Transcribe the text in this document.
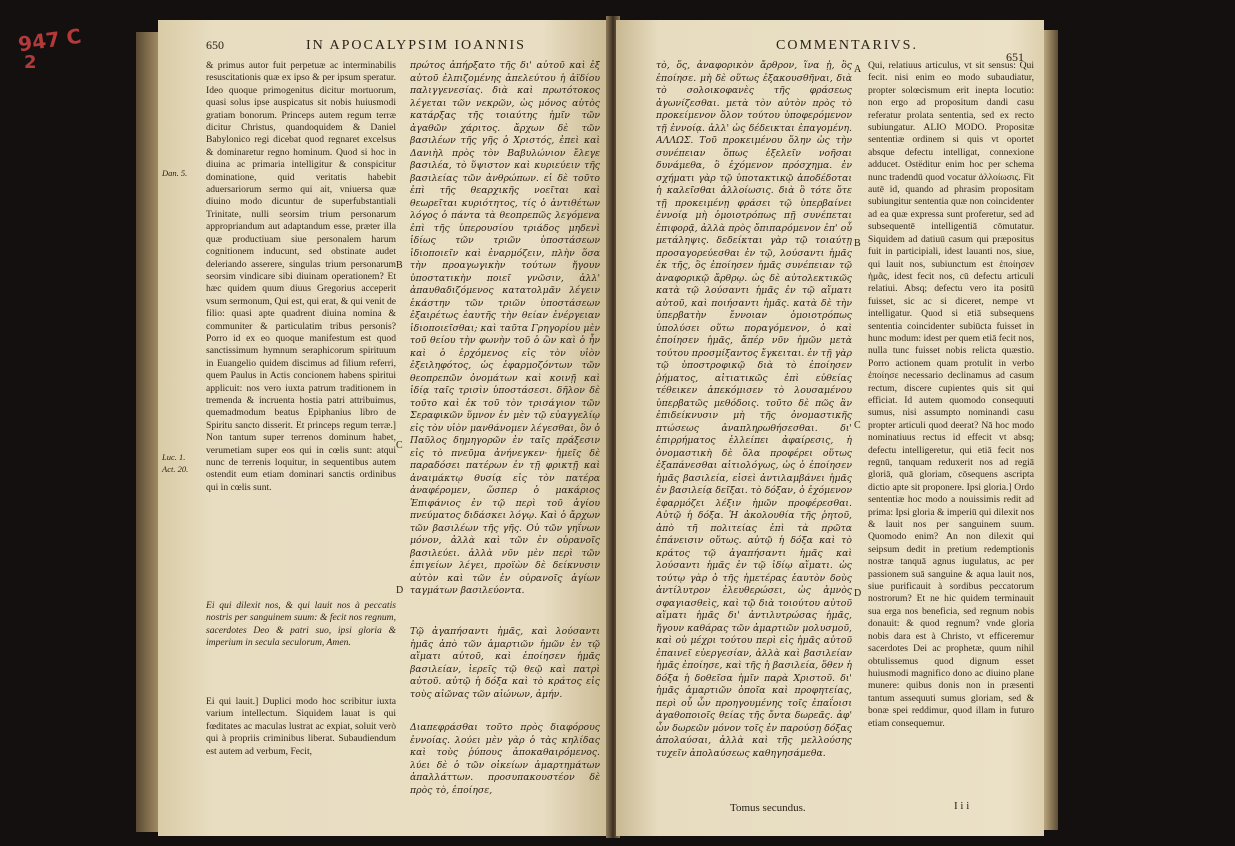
650	IN APOCALYPSIM IOANNIS
Dan. 5.
Luc. 1.
Act. 20.

& primus autor fuit perpetuæ ac interminabilis resuscitationis quæ ex ipso & per ipsum speratur. Ideo quoque primogenitus dicitur mortuorum, quasi solus ipse auspicatus sit nobis huiusmodi gratiam bonorum. Princeps autem regum terræ dicitur Christus, quandoquidem & Daniel Babylonico regi dicebat quod regnaret excelsus & dominaretur regno hominum. Quod si hoc in diuina ac primaria intelligitur & conspicitur dominatione, quid veritatis habebit aduersariorum sermo qui ait, vniuersa quæ diuino modo dicuntur de superfubstantiali Trinitate, nulli seorsim trium personarum appropriandum aut adaptandum esse, præter illa quæ productiuam siue personalem harum cognitionem inducunt, sed obstinate audet deleriando asserere, singulas trium personarum seorsim vindicare sibi diuinam operationem? Et hæc quidem quum diuus Gregorius acceperit vsum sermonum, Qui est, qui erat, & qui venit de filio: quasi apte quadrent diuina nomina & communiter & particulatim tribus personis? Porro id ex eo quoque manifestum est quod sanctissimum hymnum seraphicorum spirituum in Euangelio quidem discimus ad filium referri, quem Paulus in Actis concionem habens spiritui applicuit: nos vero iuxta patrum traditionem in tremenda & incruenta hostia patri attribuimus, quemadmodum beatus Epiphanius libro de Spiritu sancto disserit. Et princeps regum terræ.] Non tantum super terrenos dominum habet, verumetiam super eos qui in cœlis sunt: atqui nunc de terrenis loquitur, in sequentibus autem ostendit eum etiam dominari sanctis ordinibus qui in cœlis sunt.

Ei qui dilexit nos, & qui lauit nos à peccatis nostris per sanguinem suum: & fecit nos regnum, sacerdotes Deo & patri suo, ipsi gloria & imperium in secula seculorum, Amen.

Ei qui lauit.] Duplici modo hoc scribitur iuxta varium intellectum. Siquidem lauat is qui fœditates ac maculas lustrat ac expiat, soluit verò qui à propriis criminibus liberat. Subaudiendum est autem ad verbum, Fecit,

B
C
D

πρώτος ἀπήρξατο τῆς δι' αὐτοῦ καὶ ἐξ αὐτοῦ ἐλπιζομένης ἀπελεύτου ἡ ἀϊδίου παλιγγενεσίας. διὰ καὶ πρωτότοκος λέγεται τῶν νεκρῶν, ὡς μόνος αὐτὸς κατάρξας τῆς τοιαύτης ἡμῖν τῶν ἀγαθῶν χάριτος. ἄρχων δὲ τῶν βασιλέων τῆς γῆς ὁ Χριστός, ἐπεὶ καὶ Δανιὴλ πρὸς τὸν Βαβυλώνιον ἔλεγε βασιλέα, τὸ ὕψιστον καὶ κυριεύειν τῆς βασιλείας τῶν ἀνθρώπων. εἰ δὲ τοῦτο ἐπὶ τῆς θεαρχικῆς νοεῖται καὶ θεωρεῖται κυριότητος, τίς ὁ ἀντιθέτων λόγος ὁ πάντα τὰ θεοπρεπῶς λεγόμενα ἐπὶ τῆς ὑπερουσίου τριάδος μηδενὶ ἰδίως τῶν τριῶν ὑποστάσεων ἰδιοποιεῖν καὶ ἐναρμόζειν, πλὴν ὅσα τὴν προαγωγικὴν τούτων ἤγουν ὑποστατικὴν ποιεῖ γνῶσιν, ἀλλ' ἀπαυθαδιζόμενος κατατολμᾶν λέγειν ἑκάστην τῶν τριῶν ὑποστάσεων ἐξαιρέτως ἑαυτῆς τὴν θείαν ἐνέργειαν ἰδιοποιεῖσθαι; καὶ ταῦτα Γρηγορίου μὲν τοῦ θείου τὴν φωνὴν τοῦ ὁ ὢν καὶ ὁ ἦν καὶ ὁ ἐρχόμενος εἰς τὸν υἱὸν ἐξειληφότος, ὡς ἐφαρμοζόντων τῶν θεοπρεπῶν ὀνομάτων καὶ κοινῇ καὶ ἰδίᾳ ταῖς τρισὶν ὑποστάσεσι. δῆλον δὲ τοῦτο καὶ ἐκ τοῦ τὸν τρισάγιον τῶν Σεραφικῶν ὕμνον ἐν μὲν τῷ εὐαγγελίῳ εἰς τὸν υἱὸν μανθάνομεν λέγεσθαι, ὃν ὁ Παῦλος δημηγορῶν ἐν ταῖς πράξεσιν εἰς τὸ πνεῦμα ἀνήνεγκεν· ἡμεῖς δὲ παραδόσει πατέρων ἐν τῇ φρικτῇ καὶ ἀναιμάκτῳ θυσίᾳ εἰς τὸν πατέρα ἀναφέρομεν, ὥσπερ ὁ μακάριος Ἐπιφάνιος ἐν τῷ περὶ τοῦ ἁγίου πνεύματος διδάσκει λόγῳ. Καὶ ὁ ἄρχων τῶν βασιλέων τῆς γῆς. Οὐ τῶν γηΐνων μόνον, ἀλλὰ καὶ τῶν ἐν οὐρανοῖς βασιλεύει. ἀλλὰ νῦν μὲν περὶ τῶν ἐπιγείων λέγει, προϊὼν δὲ δείκνυσιν αὐτὸν καὶ τῶν ἐν οὐρανοῖς ἁγίων ταγμάτων βασιλεύοντα.

Τῷ ἀγαπήσαντι ἡμᾶς, καὶ λούσαντι ἡμᾶς ἀπὸ τῶν ἁμαρτιῶν ἡμῶν ἐν τῷ αἵματι αὐτοῦ, καὶ ἐποίησεν ἡμᾶς βασιλείαν, ἱερεῖς τῷ θεῷ καὶ πατρὶ αὐτοῦ. αὐτῷ ἡ δόξα καὶ τὸ κράτος εἰς τοὺς αἰῶνας τῶν αἰώνων, ἀμήν.

Διαπεφράσθαι τοῦτο πρὸς διαφόρους ἐννοίας. λούει μὲν γὰρ ὁ τὰς κηλίδας καὶ τοὺς ῥύπους ἀποκαθαιρόμενος. λύει δὲ ὁ τῶν οἰκείων ἁμαρτημάτων ἀπαλλάττων. προσυπακουστέον δὲ πρὸς τὸ, ἐποίησε,

COMMENTARIVS.
651

τὸ, ὅς, ἀναφορικὸν ἄρθρον, ἵνα ᾖ, ὃς ἐποίησε. μὴ δὲ οὕτως ἐξακουσθῆναι, διὰ τὸ σολοικοφανὲς τῆς φράσεως ἀγωνίζεσθαι. μετὰ τὸν αὐτὸν πρὸς τὸ προκείμενον ὅλον τούτου ὑποφερόμενον τῇ ἐννοίᾳ. ἀλλ' ὡς δέδεικται ἐπαγομένη. ΑΛΛΩΣ. Τοῦ προκειμένου ὅλην ὡς τὴν συνέπειαν ὅπως ἐξελεῖν νοῆσαι δυνάμεθα, ὃ ἐχόμενον πρόσχημα. ἐν σχήματι γὰρ τῷ ὑποτακτικῷ ἀποδέδοται ἡ καλεῖσθαι ἀλλοίωσις. διὰ ὃ τότε ὅτε τῇ προκειμένῃ φράσει τῷ ὑπερβαίνει ἐννοίᾳ μὴ ὁμοιοτρόπως πῇ συνέπεται ἐπιφορᾷ, ἀλλὰ πρὸς ὄπιπαρόμενον ἐπ' οὗ μετάληψις. δεδείκται γὰρ τῷ τοιαύτῃ προσαγορεύεσθαι ἐν τῷ, λούσαντι ἡμᾶς ἐκ τῆς, ὃς ἐποίησεν ἡμᾶς συνέπειαν τῷ ἀναφορικῷ ἄρθρῳ. ὡς δὲ αὐτολεκτικῶς κατὰ τῷ λούσαντι ἡμᾶς ἐν τῷ αἵματι αὐτοῦ, καὶ ποιήσαντι ἡμᾶς. κατὰ δὲ τὴν ὑπερβατὴν ἔννοιαν ὁμοιοτρόπως ὑπολύσει οὕτω ποραγόμενον, ὁ καὶ ἐποίησεν ἡμᾶς, ἄπέρ νῦν ἡμῶν μετὰ τούτου προσμίξαντος ἔγκειται. ἐν τῇ γὰρ τῷ ὑποστροφικῷ διὰ τὸ ἐποίησεν ῥήματος, αἰτιατικῶς ἐπὶ εὐθείας τέθεικεν ἀπεκόμισεν τὸ λουσαμένου ὑπερβατῶς μεθόδοις. τοῦτο δὲ πῶς ἂν ἐπιδείκνυσιν μὴ τῆς ὀνομαστικῆς πτώσεως ἀναπληρωθήσεσθαι. δι' ἐπιρρήματος ἐλλείπει ἀφαίρεσις, ἡ ὀνομαστικὴ δὲ ὅλα προφέρει οὕτως ἐξαπάνεσθαι αἰτιολόγως, ὡς ὁ ἐποίησεν ἡμᾶς βασιλεία, εἰσεὶ ἀντιλαμβάνει ἡμᾶς ἐν βασιλείᾳ δεῖξαι. τὸ δόξαν, ὁ ἐχόμενον ἐφαρμόζει λέξιν ἡμῶν προφέρεσθαι. Αὐτῷ ἡ δόξα. Ἡ ἀκολουθία τῆς ῥητοῦ, ἀπὸ τῆ πολιτείας ἐπὶ τὰ πρῶτα ἐπάνεισιν οὕτως. αὐτῷ ἡ δόξα καὶ τὸ κράτος τῷ ἀγαπήσαντι ἡμᾶς καὶ λούσαντι ἡμᾶς ἐν τῷ ἰδίῳ αἵματι. ὡς τούτῳ γὰρ ὁ τῆς ἡμετέρας ἑαυτὸν δοὺς ἀντίλυτρον ἐλευθερώσει, ὡς ἀμνὸς σφαγιασθεὶς, καὶ τῷ διὰ τοιούτου αὐτοῦ αἵματι ἡμᾶς δι' ἀντιλυτρώσας ἡμᾶς, ἤγουν καθάρας τῶν ἁμαρτιῶν μολυσμοῦ, καὶ οὐ μέχρι τούτου περὶ εἰς ἡμᾶς αὐτοῦ ἐπαινεῖ εὐεργεσίαν, ἀλλὰ καὶ βασιλείαν ἡμᾶς ἐποίησε, καὶ τῆς ἡ βασιλεία, ὅθεν ἡ δόξα ἡ δοθεῖσα ἡμῖν παρὰ Χριστοῦ. δι' ἡμᾶς ἁμαρτιῶν ὁποῖα καὶ προφητείας, περὶ οὗ ὧν προηγουμένης τοῖς ἐπαΐοισι ἀγαθοποιοῖς θείας τῆς ὄντα δωρεᾶς. ἀφ' ὧν δωρεῶν μόνον τοῖς ἐν παρούσῃ δόξας ἀπολαύσαι, ἀλλὰ καὶ τῆς μελλούσης τυχεῖν ἀπολαύσεως καθηγησάμεθα.

A
B
C
D

Qui, relatiuus articulus, vt sit sensus: Qui fecit. nisi enim eo modo subaudiatur, propter solœcismum erit inepta locutio: non ergo ad propositum dandi casu referatur prolata sententia, sed ex recto subiungatur. ALIO MODO. Propositæ sententiæ ordinem si quis vt oportet absque defectu intelligat, connexione adducet. Ostëditur enim hoc per schema nunc tradendū quod vocatur ἀλλοίωσις. Fit autē id, quando ad phrasim propositam subiungitur sententia quæ non coincidenter ad ea quæ expressa sunt proferetur, sed ad subsequentē intelligentiā cōmutatur. Siquidem ad datiuū casum qui præpositus fuit in participiali, idest lauanti nos, siue, qui lauit nos, subiunctum est ἐποίησεν ἡμᾶς, idest fecit nos, cū defectu articuli relatiui. Absq; defectu vero ita positū fuisset, sic ac si diceret, nempe vt intelligatur. Quod si etiā subsequens sententia coincidenter subiūcta fuisset in hunc modum: idest per quem etiā fecit nos, nulla tunc fuisset nobis relicta quæstio. Porro actionem quam protulit in verbo ἐποίησε necessario declinamus ad casum rectum, discere cupientes quis sit qui efficiat. Id autem quomodo consequuti sumus, nisi assumpto nominandi casu propter articuli quod deerat? Nā hoc modo nominatiuus rectus id effecit vt absq; defectu intelligeretur, qui etiā fecit nos regnū, tanquam reduxerit nos ad regiā gloriā, quā gloriam, cōsequens ascripta dictio apte sit proponere. Ipsi gloria.] Ordo sententiæ hoc modo a nouissimis redit ad prima: Ipsi gloria & imperiū qui dilexit nos & lauit nos per sanguinem suum. Quomodo enim? An non dilexit qui seipsum dedit in pretium redemptionis nostræ tanquā agnus iugulatus, ac per passionem suā sanguine & aqua lauit nos, siue purificauit à sordibus peccatorum nostrorum? Et ne hic quidem terminauit sua erga nos beneficia, sed regnum nobis donauit: & quod regnum? vnde gloria nobis dara est à Christo, vt efficeremur sacerdotes Dei ac prophetæ, quum nihil obtulissemus quod dignum esset huiusmodi magnifico dono ac diuino plane munere: quibus donis non in præsenti tantum assequuti sumus gloriam, sed & bonæ spei reddimur, quod illam in futuro etiam consequemur.

Tomus secundus.	I i i
947 C
2
